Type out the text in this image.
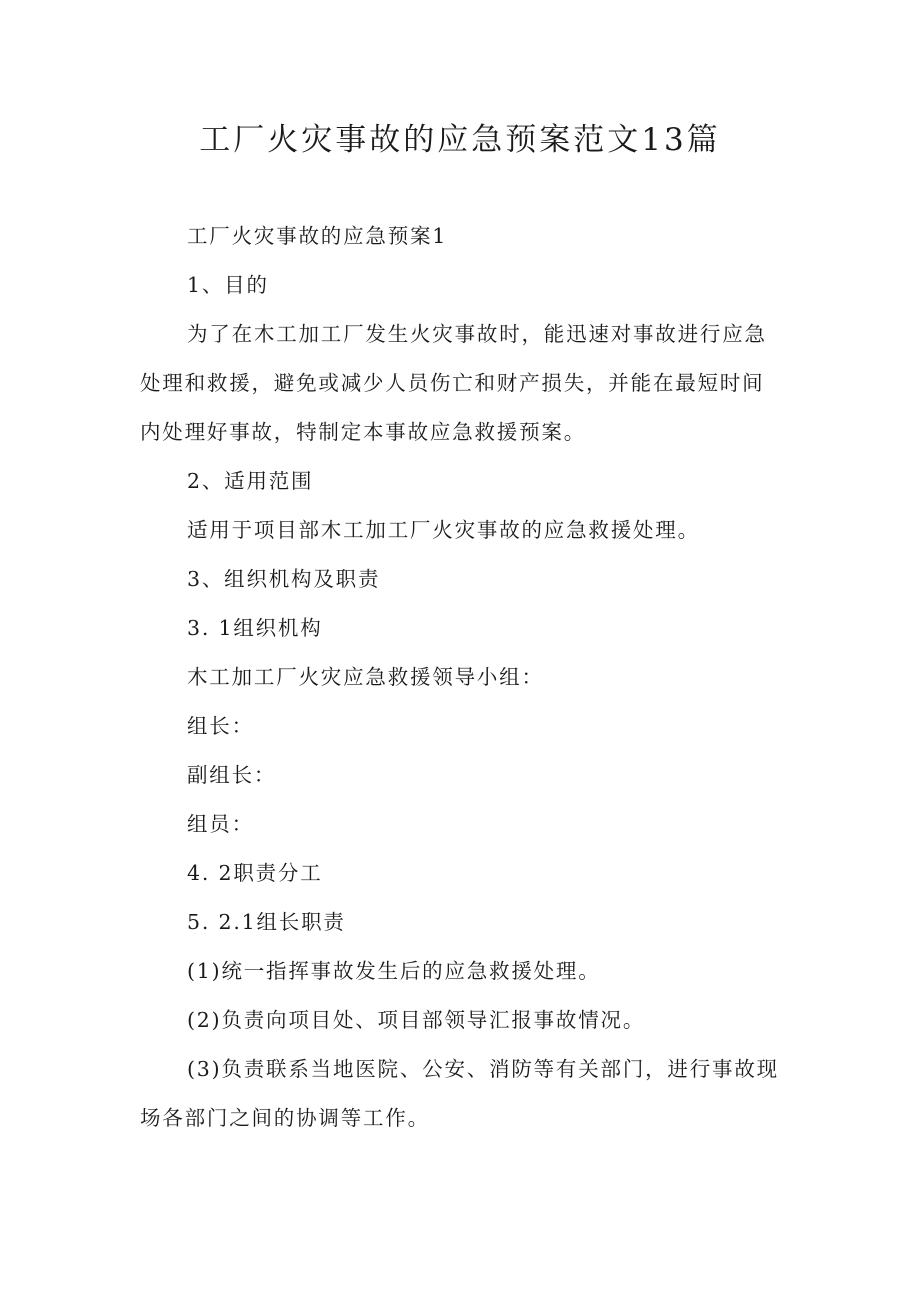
工厂火灾事故的应急预案范文13篇

工厂火灾事故的应急预案1

1、目的

为了在木工加工厂发生火灾事故时，能迅速对事故进行应急处理和救援，避免或减少人员伤亡和财产损失，并能在最短时间内处理好事故，特制定本事故应急救援预案。

2、适用范围

适用于项目部木工加工厂火灾事故的应急救援处理。

3、组织机构及职责

3. 1组织机构

木工加工厂火灾应急救援领导小组：

组长：

副组长：

组员：

4. 2职责分工

5. 2.1组长职责

(1)统一指挥事故发生后的应急救援处理。

(2)负责向项目处、项目部领导汇报事故情况。

(3)负责联系当地医院、公安、消防等有关部门，进行事故现场各部门之间的协调等工作。
